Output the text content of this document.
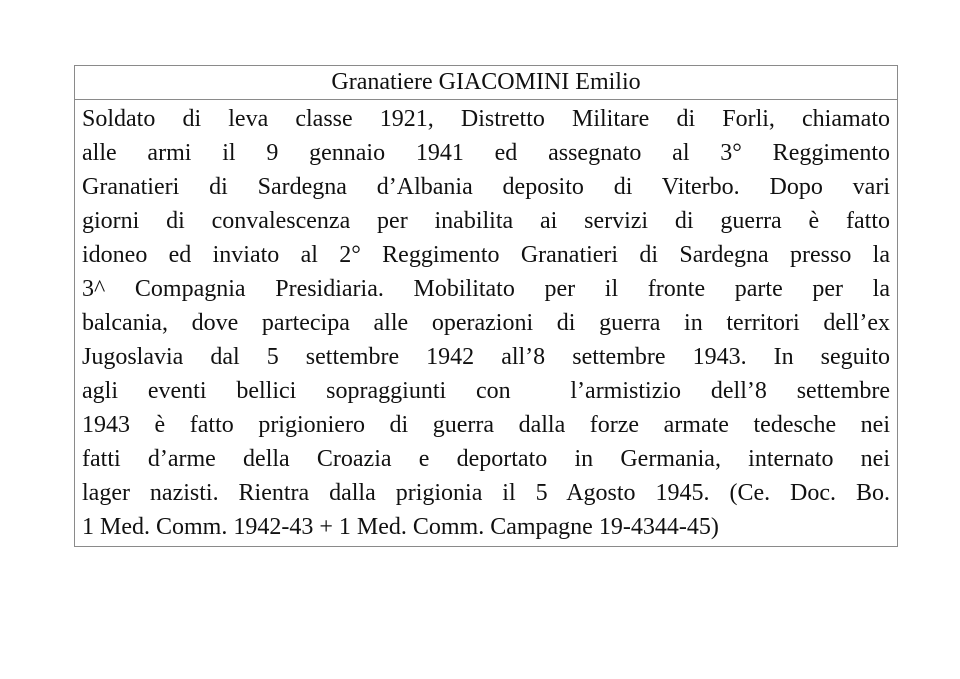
Granatiere GIACOMINI Emilio
Soldato di leva classe 1921, Distretto Militare di Forli, chiamato
alle armi il 9 gennaio 1941 ed assegnato al 3° Reggimento
Granatieri di Sardegna d’Albania deposito di Viterbo. Dopo vari
giorni di convalescenza per inabilita ai servizi di guerra è fatto
idoneo ed inviato al 2° Reggimento Granatieri di Sardegna presso la
3^ Compagnia Presidiaria. Mobilitato per il fronte parte per la
balcania, dove partecipa alle operazioni di guerra in territori dell’ex
Jugoslavia dal 5 settembre 1942 all’8 settembre 1943. In seguito
agli eventi bellici sopraggiunti con  l’armistizio dell’8 settembre
1943 è fatto prigioniero di guerra dalla forze armate tedesche nei
fatti d’arme della Croazia e deportato in Germania, internato nei
lager nazisti. Rientra dalla prigionia il 5 Agosto 1945. (Ce. Doc. Bo.
1 Med. Comm. 1942-43 + 1 Med. Comm. Campagne 19-4344-45)
